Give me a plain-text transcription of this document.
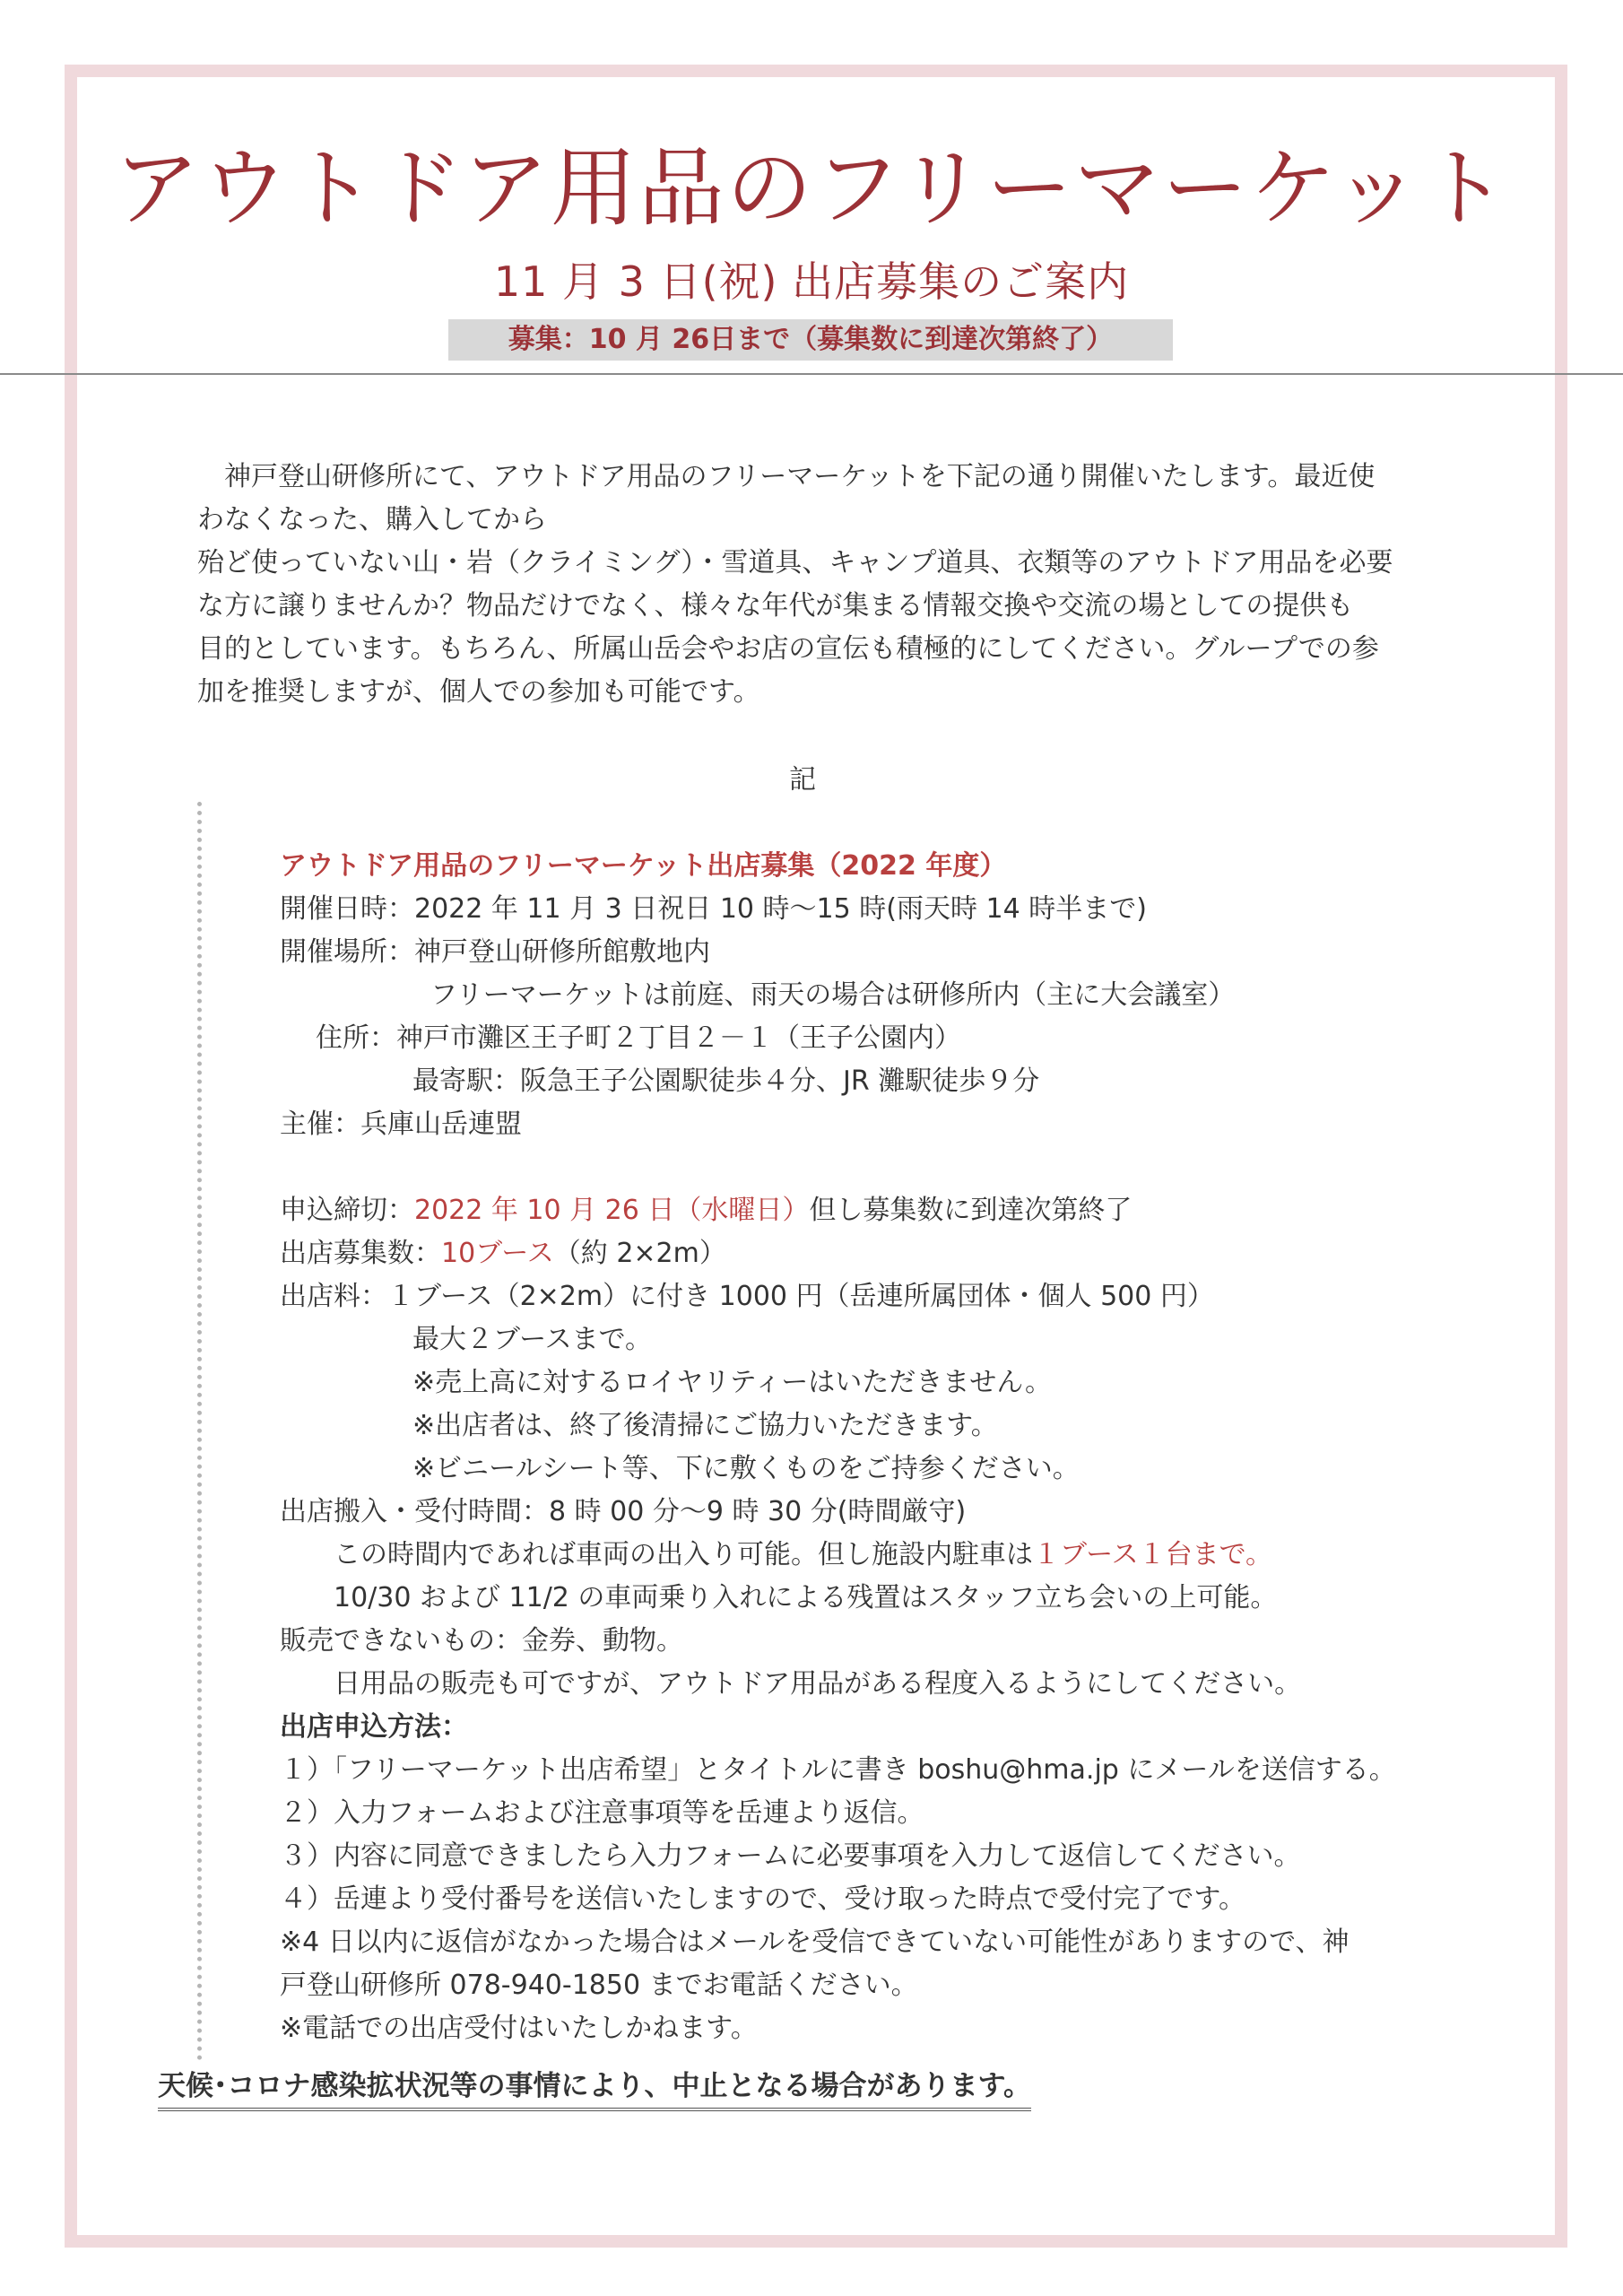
アウトドア用品のフリーマーケット
11 月 3 日(祝) 出店募集のご案内
募集：10 月 26日まで（募集数に到達次第終了）

　神戸登山研修所にて、アウトドア用品のフリーマーケットを下記の通り開催いたします。最近使

わなくなった、購入してから

殆ど使っていない山・岩（クライミング）・雪道具、キャンプ道具、衣類等のアウトドア用品を必要

な方に譲りませんか？物品だけでなく、様々な年代が集まる情報交換や交流の場としての提供も

目的としています。もちろん、所属山岳会やお店の宣伝も積極的にしてください。グループでの参

加を推奨しますが、個人での参加も可能です。

記
アウトドア用品のフリーマーケット出店募集（2022 年度）
開催日時：2022 年 11 月 3 日祝日 10 時～15 時(雨天時 14 時半まで)
開催場所：神戸登山研修所館敷地内
フリーマーケットは前庭、雨天の場合は研修所内（主に大会議室）
住所：神戸市灘区王子町２丁目２－１（王子公園内）
最寄駅：阪急王子公園駅徒歩４分、JR 灘駅徒歩９分
主催：兵庫山岳連盟
申込締切：2022 年 10 月 26 日（水曜日）但し募集数に到達次第終了
出店募集数：10ブース（約 2×2m）
出店料：１ブース（2×2m）に付き 1000 円（岳連所属団体・個人 500 円）
最大２ブースまで。
※売上高に対するロイヤリティーはいただきません。
※出店者は、終了後清掃にご協力いただきます。
※ビニールシート等、下に敷くものをご持参ください。
出店搬入・受付時間：8 時 00 分～9 時 30 分(時間厳守)
この時間内であれば車両の出入り可能。但し施設内駐車は１ブース１台まで。
10/30 および 11/2 の車両乗り入れによる残置はスタッフ立ち会いの上可能。
販売できないもの：金券、動物。
日用品の販売も可ですが、アウトドア用品がある程度入るようにしてください。
出店申込方法：
１）「フリーマーケット出店希望」とタイトルに書き boshu@hma.jp にメールを送信する。
２）入力フォームおよび注意事項等を岳連より返信。
３）内容に同意できましたら入力フォームに必要事項を入力して返信してください。
４）岳連より受付番号を送信いたしますので、受け取った時点で受付完了です。
※4 日以内に返信がなかった場合はメールを受信できていない可能性がありますので、神
戸登山研修所 078-940-1850 までお電話ください。
※電話での出店受付はいたしかねます。
天候･コロナ感染拡状況等の事情により、中止となる場合があります。
